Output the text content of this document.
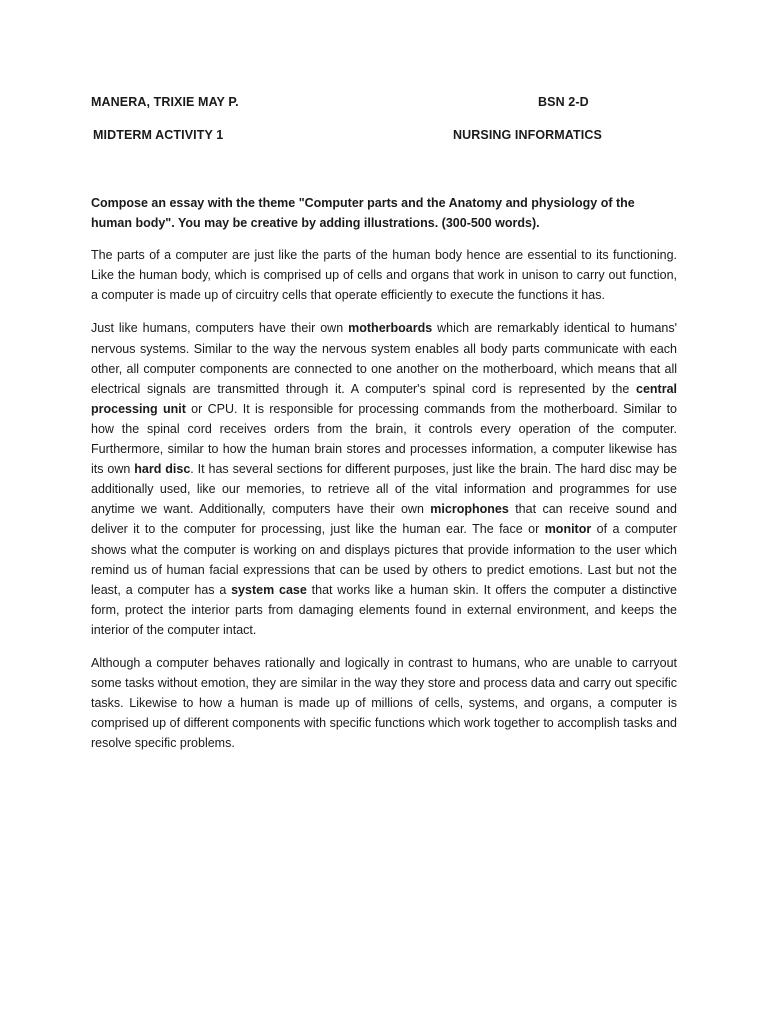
MANERA, TRIXIE MAY P.	BSN 2-D
MIDTERM ACTIVITY 1	NURSING INFORMATICS

Compose an essay with the theme "Computer parts and the Anatomy and physiology of the human body". You may be creative by adding illustrations. (300-500 words).

The parts of a computer are just like the parts of the human body hence are essential to its functioning. Like the human body, which is comprised up of cells and organs that work in unison to carry out function, a computer is made up of circuitry cells that operate efficiently to execute the functions it has.

Just like humans, computers have their own motherboards which are remarkably identical to humans' nervous systems. Similar to the way the nervous system enables all body parts communicate with each other, all computer components are connected to one another on the motherboard, which means that all electrical signals are transmitted through it. A computer's spinal cord is represented by the central processing unit or CPU. It is responsible for processing commands from the motherboard. Similar to how the spinal cord receives orders from the brain, it controls every operation of the computer. Furthermore, similar to how the human brain stores and processes information, a computer likewise has its own hard disc. It has several sections for different purposes, just like the brain. The hard disc may be additionally used, like our memories, to retrieve all of the vital information and programmes for use anytime we want. Additionally, computers have their own microphones that can receive sound and deliver it to the computer for processing, just like the human ear. The face or monitor of a computer shows what the computer is working on and displays pictures that provide information to the user which remind us of human facial expressions that can be used by others to predict emotions. Last but not the least, a computer has a system case that works like a human skin. It offers the computer a distinctive form, protect the interior parts from damaging elements found in external environment, and keeps the interior of the computer intact.

Although a computer behaves rationally and logically in contrast to humans, who are unable to carryout some tasks without emotion, they are similar in the way they store and process data and carry out specific tasks. Likewise to how a human is made up of millions of cells, systems, and organs, a computer is comprised up of different components with specific functions which work together to accomplish tasks and resolve specific problems.
